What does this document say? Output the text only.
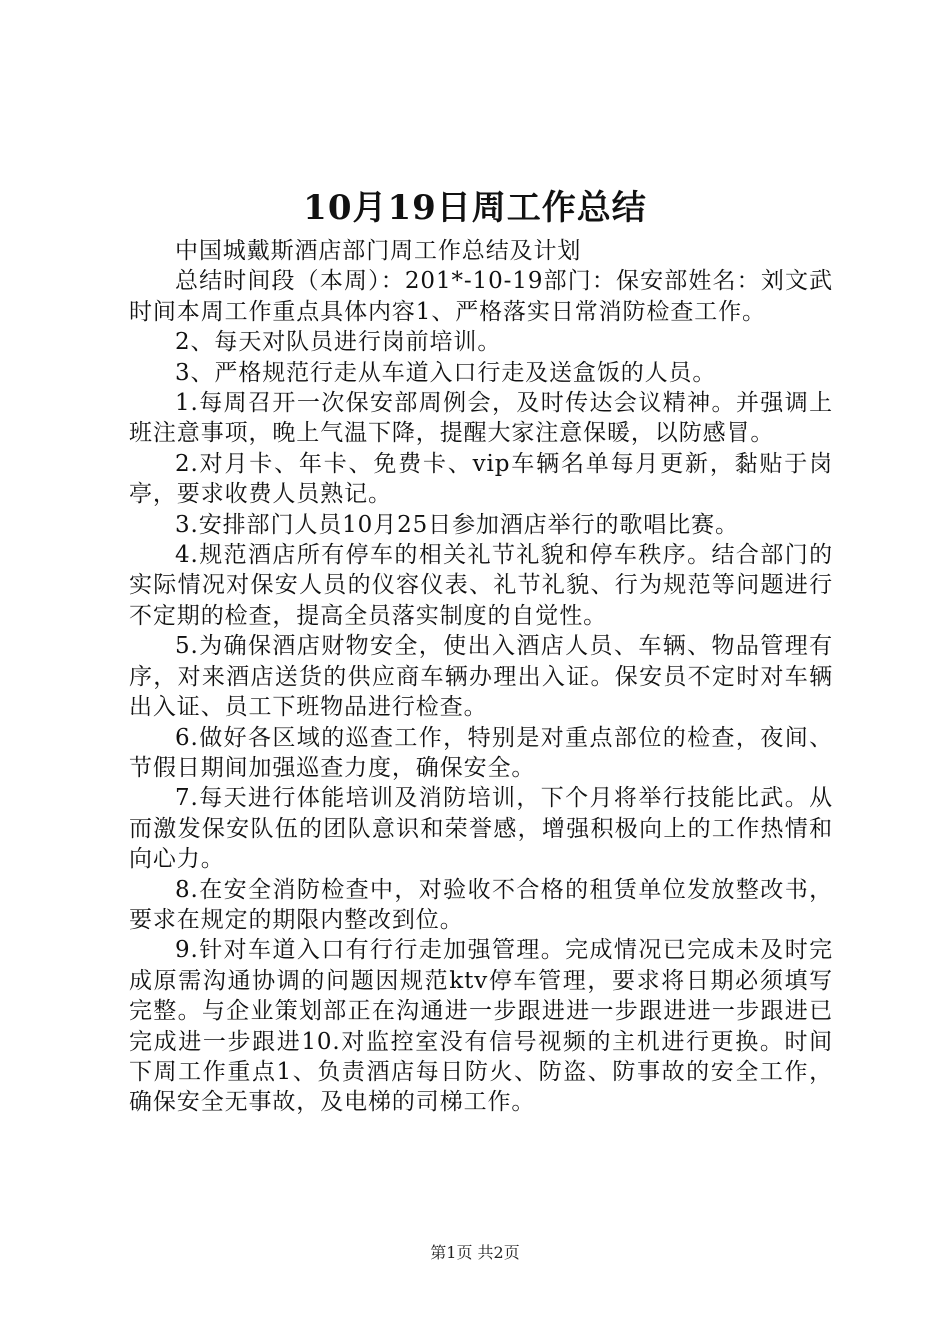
10月19日周工作总结

中国城戴斯酒店部门周工作总结及计划

总结时间段（本周）：201*-10-19部门：保安部姓名：刘文武时间本周工作重点具体内容1、严格落实日常消防检查工作。

2、每天对队员进行岗前培训。

3、严格规范行走从车道入口行走及送盒饭的人员。

1.每周召开一次保安部周例会，及时传达会议精神。并强调上班注意事项，晚上气温下降，提醒大家注意保暖，以防感冒。

2.对月卡、年卡、免费卡、vip车辆名单每月更新，黏贴于岗亭，要求收费人员熟记。

3.安排部门人员10月25日参加酒店举行的歌唱比赛。

4.规范酒店所有停车的相关礼节礼貌和停车秩序。结合部门的实际情况对保安人员的仪容仪表、礼节礼貌、行为规范等问题进行不定期的检查，提高全员落实制度的自觉性。

5.为确保酒店财物安全，使出入酒店人员、车辆、物品管理有序，对来酒店送货的供应商车辆办理出入证。保安员不定时对车辆出入证、员工下班物品进行检查。

6.做好各区域的巡查工作，特别是对重点部位的检查，夜间、节假日期间加强巡查力度，确保安全。

7.每天进行体能培训及消防培训，下个月将举行技能比武。从而激发保安队伍的团队意识和荣誉感，增强积极向上的工作热情和向心力。

8.在安全消防检查中，对验收不合格的租赁单位发放整改书，要求在规定的期限内整改到位。

9.针对车道入口有行行走加强管理。完成情况已完成未及时完成原需沟通协调的问题因规范ktv停车管理，要求将日期必须填写完整。与企业策划部正在沟通进一步跟进进一步跟进进一步跟进已完成进一步跟进10.对监控室没有信号视频的主机进行更换。时间下周工作重点1、负责酒店每日防火、防盗、防事故的安全工作，确保安全无事故，及电梯的司梯工作。

第1页 共2页
